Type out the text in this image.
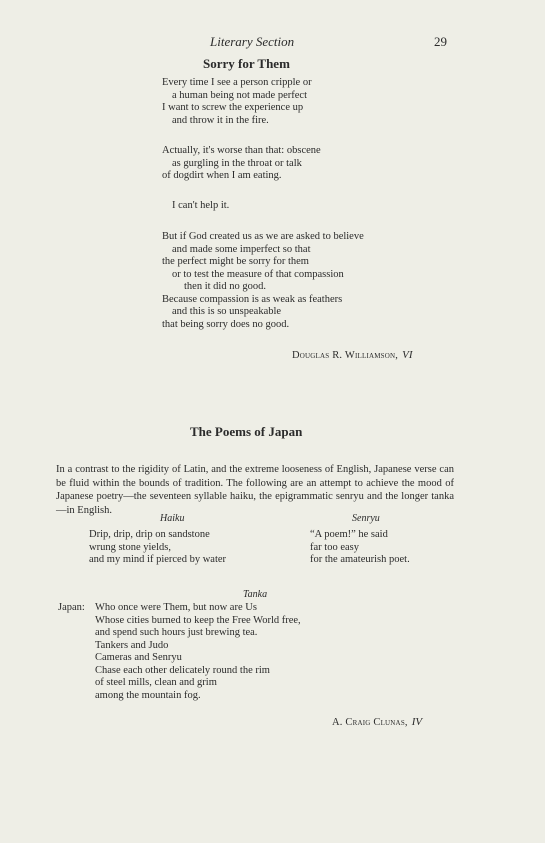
Literary Section	29
Sorry for Them
Every time I see a person cripple or
a human being not made perfect
I want to screw the experience up
and throw it in the fire.
Actually, it's worse than that: obscene
as gurgling in the throat or talk
of dogdirt when I am eating.
I can't help it.
But if God created us as we are asked to believe
and made some imperfect so that
the perfect might be sorry for them
or to test the measure of that compassion
then it did no good.
Because compassion is as weak as feathers
and this is so unspeakable
that being sorry does no good.
Douglas R. Williamson, VI
The Poems of Japan
In a contrast to the rigidity of Latin, and the extreme looseness of English, Japanese verse can be fluid within the bounds of tradition. The following are an attempt to achieve the mood of Japanese poetry—the seventeen syllable haiku, the epigrammatic senryu and the longer tanka—in English.
Haiku
Drip, drip, drip on sandstone
wrung stone yields,
and my mind if pierced by water
Senryu
“A poem!” he said
far too easy
for the amateurish poet.
Tanka
Japan: Who once were Them, but now are Us
Whose cities burned to keep the Free World free,
and spend such hours just brewing tea.
Tankers and Judo
Cameras and Senryu
Chase each other delicately round the rim
of steel mills, clean and grim
among the mountain fog.
A. Craig Clunas, IV
